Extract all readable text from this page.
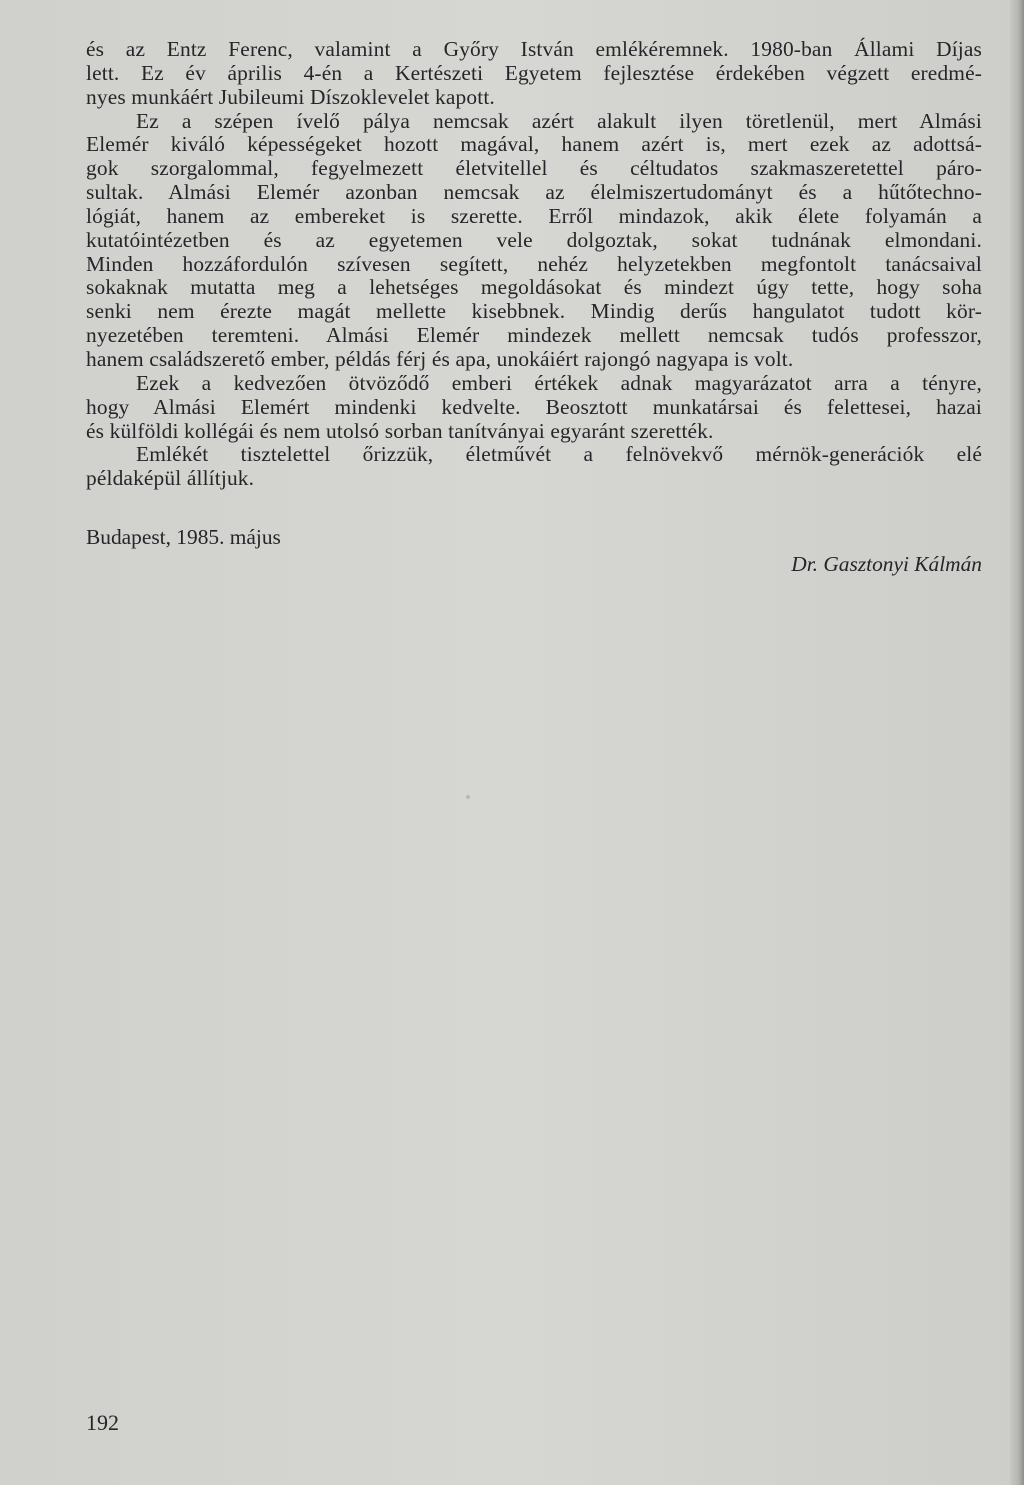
és az Entz Ferenc, valamint a Győry István emlékéremnek. 1980-ban Állami Díjas
lett. Ez év április 4-én a Kertészeti Egyetem fejlesztése érdekében végzett eredmé-
nyes munkáért Jubileumi Díszoklevelet kapott.
Ez a szépen ívelő pálya nemcsak azért alakult ilyen töretlenül, mert Almási
Elemér kiváló képességeket hozott magával, hanem azért is, mert ezek az adottsá-
gok szorgalommal, fegyelmezett életvitellel és céltudatos szakmaszeretettel páro-
sultak. Almási Elemér azonban nemcsak az élelmiszertudományt és a hűtőtechno-
lógiát, hanem az embereket is szerette. Erről mindazok, akik élete folyamán a
kutatóintézetben és az egyetemen vele dolgoztak, sokat tudnának elmondani.
Minden hozzáfordulón szívesen segített, nehéz helyzetekben megfontolt tanácsaival
sokaknak mutatta meg a lehetséges megoldásokat és mindezt úgy tette, hogy soha
senki nem érezte magát mellette kisebbnek. Mindig derűs hangulatot tudott kör-
nyezetében teremteni. Almási Elemér mindezek mellett nemcsak tudós professzor,
hanem családszerető ember, példás férj és apa, unokáiért rajongó nagyapa is volt.
Ezek a kedvezően ötvöződő emberi értékek adnak magyarázatot arra a tényre,
hogy Almási Elemért mindenki kedvelte. Beosztott munkatársai és felettesei, hazai
és külföldi kollégái és nem utolsó sorban tanítványai egyaránt szerették.
Emlékét tisztelettel őrizzük, életművét a felnövekvő mérnök-generációk elé
példaképül állítjuk.
Budapest, 1985. május
Dr. Gasztonyi Kálmán
192
